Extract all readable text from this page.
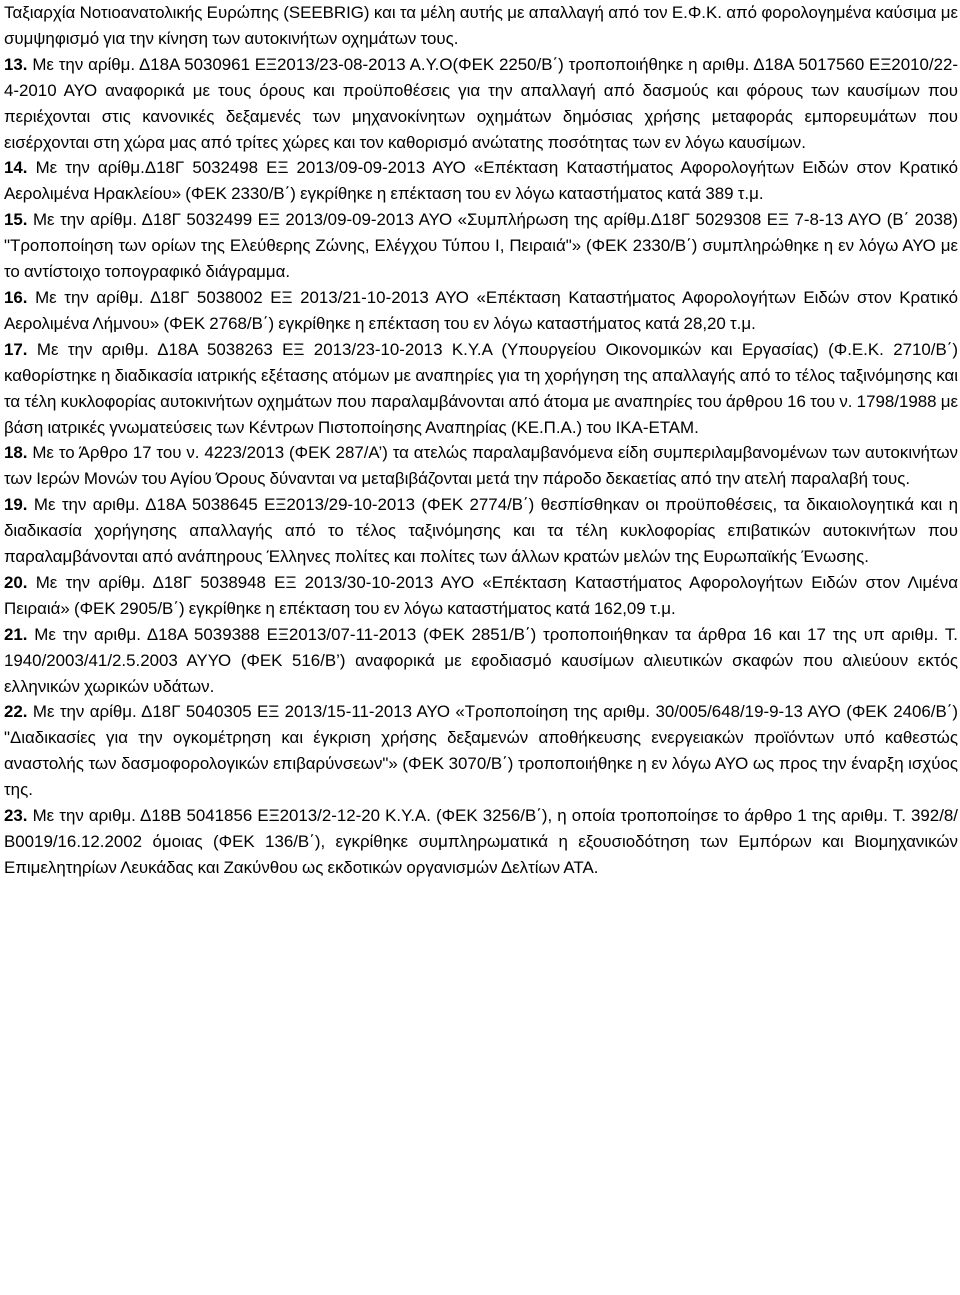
Ταξιαρχία Νοτιοανατολικής Ευρώπης (SEEBRIG) και τα μέλη αυτής με απαλλαγή από τον Ε.Φ.Κ. από φορολογημένα καύσιμα με συμψηφισμό για την κίνηση των αυτοκινήτων οχημάτων τους.

13. Με την αρίθμ. Δ18Α 5030961 ΕΞ2013/23-08-2013 Α.Υ.Ο(ΦΕΚ 2250/Β΄) τροποποιήθηκε η αριθμ. Δ18Α 5017560 ΕΞ2010/22-4-2010 ΑΥΟ αναφορικά με τους όρους και προϋποθέσεις για την απαλλαγή από δασμούς και φόρους των καυσίμων που περιέχονται στις κανονικές δεξαμενές των μηχανοκίνητων οχημάτων δημόσιας χρήσης μεταφοράς εμπορευμάτων που εισέρχονται στη χώρα μας από τρίτες χώρες και τον καθορισμό ανώτατης ποσότητας των εν λόγω καυσίμων.

14. Με την αρίθμ.Δ18Γ 5032498 ΕΞ 2013/09-09-2013 ΑΥΟ «Επέκταση Καταστήματος Αφορολογήτων Ειδών στον Κρατικό Αερολιμένα Ηρακλείου» (ΦΕΚ 2330/Β΄) εγκρίθηκε η επέκταση του εν λόγω καταστήματος κατά 389 τ.μ.

15. Με την αρίθμ. Δ18Γ 5032499 ΕΞ 2013/09-09-2013 ΑΥΟ «Συμπλήρωση της αρίθμ.Δ18Γ 5029308 ΕΞ 7-8-13 ΑΥΟ (Β΄ 2038) "Τροποποίηση των ορίων της Ελεύθερης Ζώνης, Ελέγχου Τύπου Ι, Πειραιά"» (ΦΕΚ 2330/Β΄) συμπληρώθηκε η εν λόγω ΑΥΟ με το αντίστοιχο τοπογραφικό διάγραμμα.

16. Με την αρίθμ. Δ18Γ 5038002 ΕΞ 2013/21-10-2013 ΑΥΟ «Επέκταση Καταστήματος Αφορολογήτων Ειδών στον Κρατικό Αερολιμένα Λήμνου» (ΦΕΚ 2768/Β΄) εγκρίθηκε η επέκταση του εν λόγω καταστήματος κατά 28,20 τ.μ.

17. Με την αριθμ. Δ18Α 5038263 ΕΞ 2013/23-10-2013 Κ.Υ.Α (Υπουργείου Οικονομικών και Εργασίας) (Φ.Ε.Κ. 2710/Β΄) καθορίστηκε η διαδικασία ιατρικής εξέτασης ατόμων με αναπηρίες για τη χορήγηση της απαλλαγής από το τέλος ταξινόμησης και τα τέλη κυκλοφορίας αυτοκινήτων οχημάτων που παραλαμβάνονται από άτομα με αναπηρίες του άρθρου 16 του ν. 1798/1988 με βάση ιατρικές γνωματεύσεις των Κέντρων Πιστοποίησης Αναπηρίας (ΚΕ.Π.Α.) του ΙΚΑ-ΕΤΑΜ.

18. Με το Άρθρο 17 του ν. 4223/2013 (ΦΕΚ 287/Α’) τα ατελώς παραλαμβανόμενα είδη συμπεριλαμβανομένων των αυτοκινήτων των Ιερών Μονών του Αγίου Όρους δύνανται να μεταβιβάζονται μετά την πάροδο δεκαετίας από την ατελή παραλαβή τους.

19. Με την αριθμ. Δ18Α 5038645 ΕΞ2013/29-10-2013 (ΦΕΚ 2774/Β΄) θεσπίσθηκαν οι προϋποθέσεις, τα δικαιολογητικά και η διαδικασία χορήγησης απαλλαγής από το τέλος ταξινόμησης και τα τέλη κυκλοφορίας επιβατικών αυτοκινήτων που παραλαμβάνονται από ανάπηρους Έλληνες πολίτες και πολίτες των άλλων κρατών μελών της Ευρωπαϊκής Ένωσης.

20. Με την αρίθμ. Δ18Γ 5038948 ΕΞ 2013/30-10-2013 ΑΥΟ «Επέκταση Καταστήματος Αφορολογήτων Ειδών στον Λιμένα Πειραιά» (ΦΕΚ 2905/Β΄) εγκρίθηκε η επέκταση του εν λόγω καταστήματος κατά 162,09 τ.μ.

21. Με την αριθμ. Δ18Α 5039388 ΕΞ2013/07-11-2013 (ΦΕΚ 2851/Β΄) τροποποιήθηκαν τα άρθρα 16 και 17 της υπ αριθμ. Τ. 1940/2003/41/2.5.2003 ΑΥΥΟ (ΦΕΚ 516/Β’) αναφορικά με εφοδιασμό καυσίμων αλιευτικών σκαφών που αλιεύουν εκτός ελληνικών χωρικών υδάτων.

22. Με την αρίθμ. Δ18Γ 5040305 ΕΞ 2013/15-11-2013 ΑΥΟ «Τροποποίηση της αριθμ. 30/005/648/19-9-13 ΑΥΟ (ΦΕΚ 2406/Β΄) "Διαδικασίες για την ογκομέτρηση και έγκριση χρήσης δεξαμενών αποθήκευσης ενεργειακών προϊόντων υπό καθεστώς αναστολής των δασμοφορολογικών επιβαρύνσεων"» (ΦΕΚ 3070/Β΄) τροποποιήθηκε η εν λόγω ΑΥΟ ως προς την έναρξη ισχύος της.

23. Με την αριθμ. Δ18Β 5041856 ΕΞ2013/2-12-20 Κ.Υ.Α. (ΦΕΚ 3256/Β΄), η οποία τροποποίησε το άρθρο 1 της αριθμ. Τ. 392/8/Β0019/16.12.2002 όμοιας (ΦΕΚ 136/Β΄), εγκρίθηκε συμπληρωματικά η εξουσιοδότηση των Εμπόρων και Βιομηχανικών Επιμελητηρίων Λευκάδας και Ζακύνθου ως εκδοτικών οργανισμών Δελτίων ΑΤΑ.
